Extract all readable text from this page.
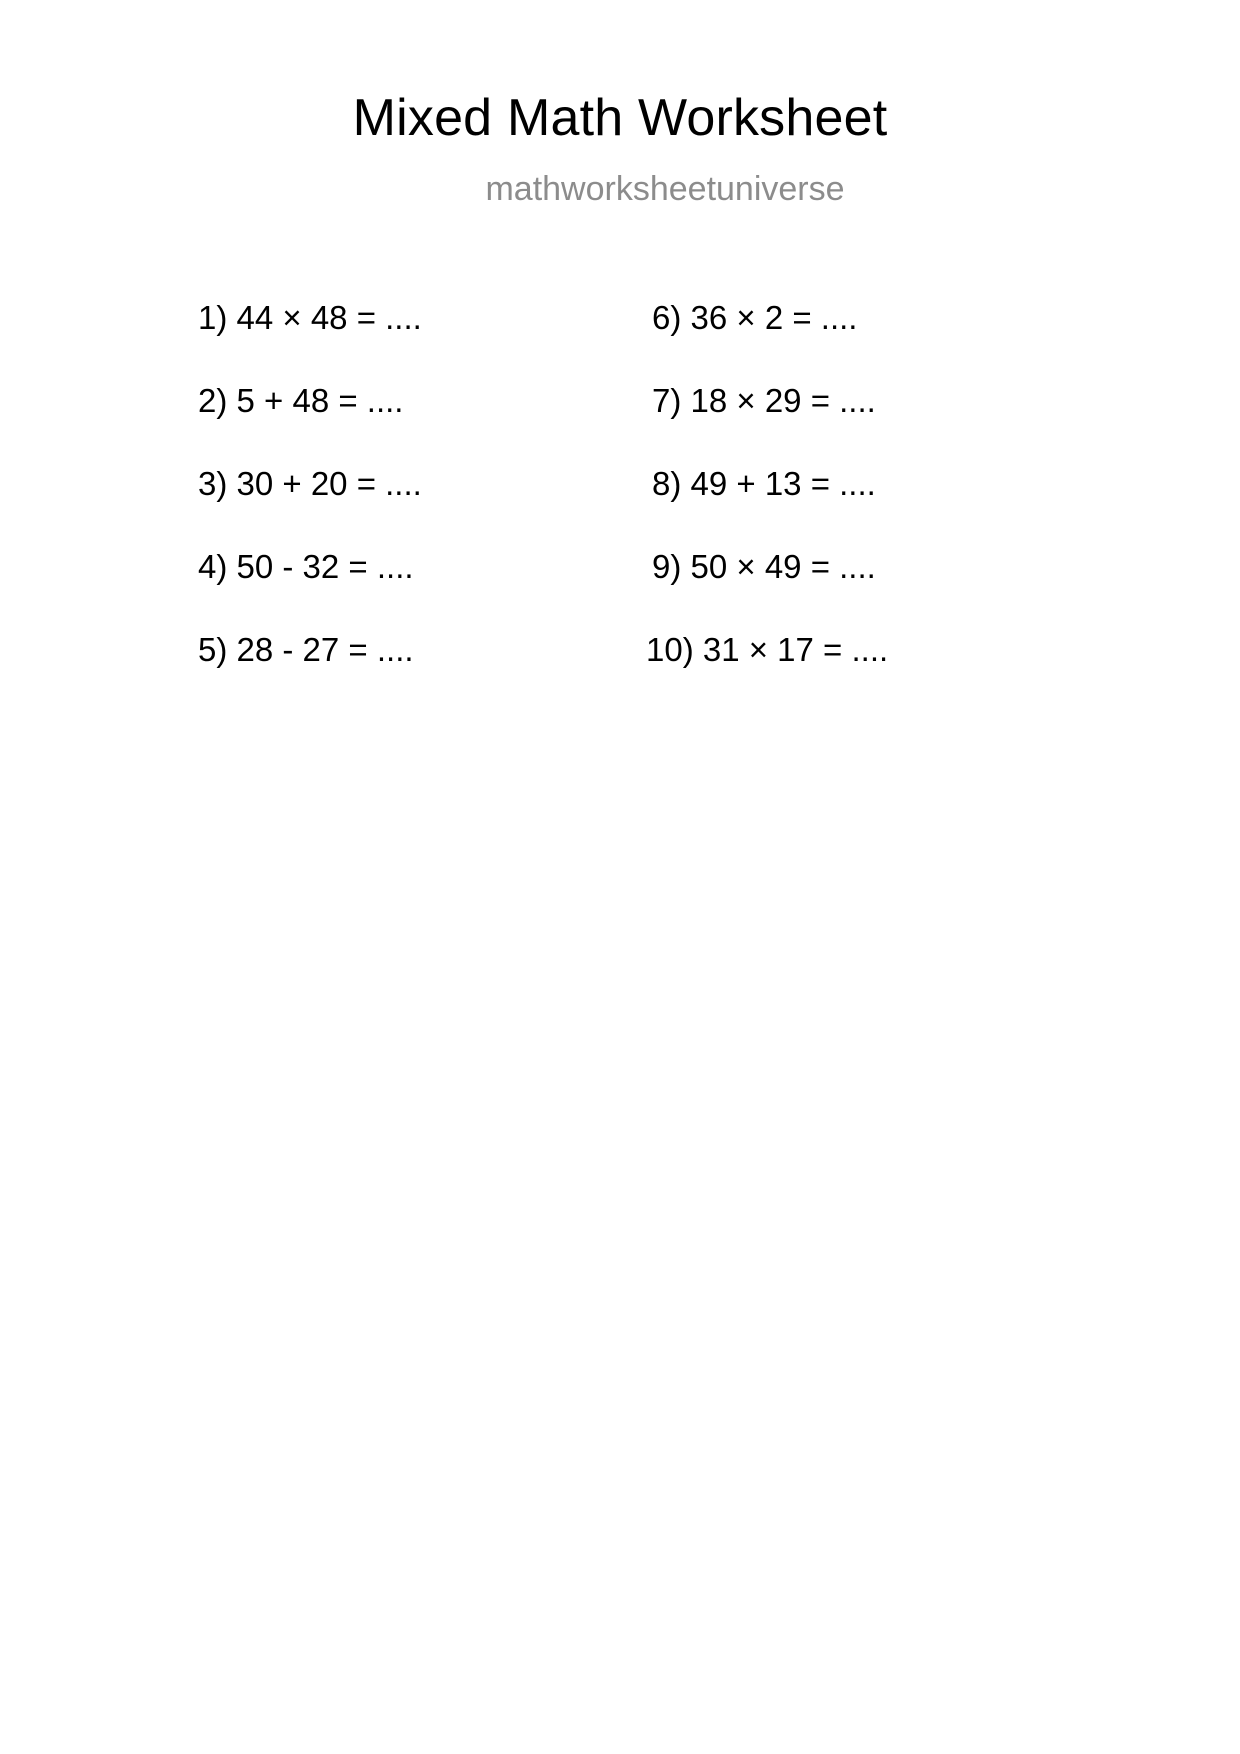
Mixed Math Worksheet
mathworksheetuniverse
1) 44 × 48 = ....
2) 5 + 48 = ....
3) 30 + 20 = ....
4) 50 - 32 = ....
5) 28 - 27 = ....
6) 36 × 2 = ....
7) 18 × 29 = ....
8) 49 + 13 = ....
9) 50 × 49 = ....
10) 31 × 17 = ....
